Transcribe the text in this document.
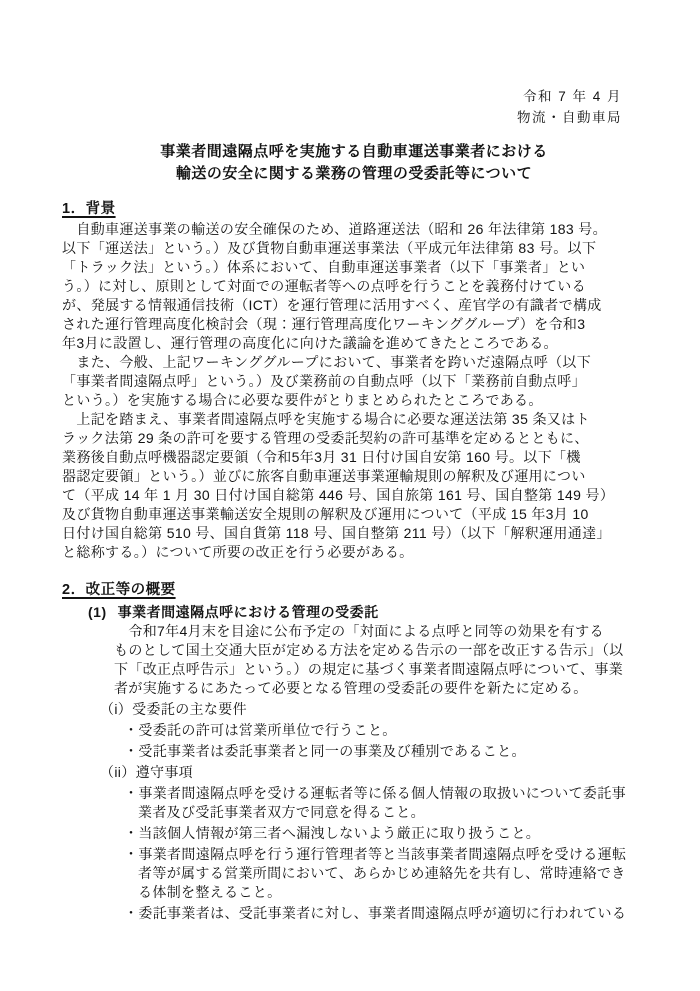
令和 7 年 4 月
物流・自動車局
事業者間遠隔点呼を実施する自動車運送事業者における
輸送の安全に関する業務の管理の受委託等について
1．背景
　自動車運送事業の輸送の安全確保のため、道路運送法（昭和 26 年法律第 183 号。
以下「運送法」という。）及び貨物自動車運送事業法（平成元年法律第 83 号。以下
「トラック法」という。）体系において、自動車運送事業者（以下「事業者」とい
う。）に対し、原則として対面での運転者等への点呼を行うことを義務付けている
が、発展する情報通信技術（ICT）を運行管理に活用すべく、産官学の有識者で構成
された運行管理高度化検討会（現：運行管理高度化ワーキンググループ）を令和3
年3月に設置し、運行管理の高度化に向けた議論を進めてきたところである。
　また、今般、上記ワーキンググループにおいて、事業者を跨いだ遠隔点呼（以下
「事業者間遠隔点呼」という。）及び業務前の自動点呼（以下「業務前自動点呼」
という。）を実施する場合に必要な要件がとりまとめられたところである。
　上記を踏まえ、事業者間遠隔点呼を実施する場合に必要な運送法第 35 条又はト
ラック法第 29 条の許可を要する管理の受委託契約の許可基準を定めるとともに、
業務後自動点呼機器認定要領（令和5年3月 31 日付け国自安第 160 号。以下「機
器認定要領」という。）並びに旅客自動車運送事業運輸規則の解釈及び運用につい
て（平成 14 年 1 月 30 日付け国自総第 446 号、国自旅第 161 号、国自整第 149 号）
及び貨物自動車運送事業輸送安全規則の解釈及び運用について（平成 15 年3月 10
日付け国自総第 510 号、国自貨第 118 号、国自整第 211 号）（以下「解釈運用通達」
と総称する。）について所要の改正を行う必要がある。
2．改正等の概要
(1) 事業者間遠隔点呼における管理の受委託
　令和7年4月末を目途に公布予定の「対面による点呼と同等の効果を有する
ものとして国土交通大臣が定める方法を定める告示の一部を改正する告示」（以
下「改正点呼告示」という。）の規定に基づく事業者間遠隔点呼について、事業
者が実施するにあたって必要となる管理の受委託の要件を新たに定める。
（i）受委託の主な要件
・受委託の許可は営業所単位で行うこと。
・受託事業者は委託事業者と同一の事業及び種別であること。
（ii）遵守事項
・事業者間遠隔点呼を受ける運転者等に係る個人情報の取扱いについて委託事
業者及び受託事業者双方で同意を得ること。
・当該個人情報が第三者へ漏洩しないよう厳正に取り扱うこと。
・事業者間遠隔点呼を行う運行管理者等と当該事業者間遠隔点呼を受ける運転
者等が属する営業所間において、あらかじめ連絡先を共有し、常時連絡でき
る体制を整えること。
・委託事業者は、受託事業者に対し、事業者間遠隔点呼が適切に行われている
